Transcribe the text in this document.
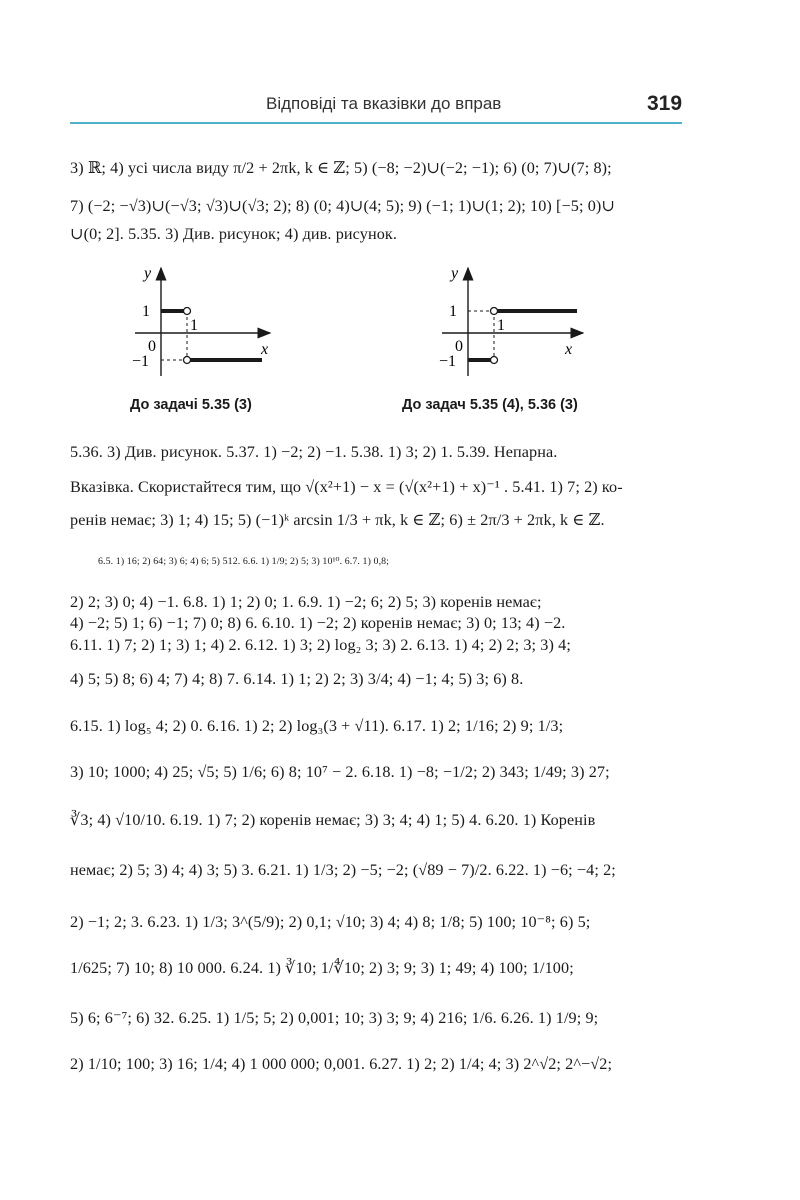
Відповіді та вказівки до вправ	319
3) ℝ; 4) усі числа виду π/2 + 2πk, k ∈ ℤ; 5) (−8; −2)∪(−2; −1); 6) (0; 7)∪(7; 8);
7) (−2; −√3)∪(−√3; √3)∪(√3; 2); 8) (0; 4)∪(4; 5); 9) (−1; 1)∪(1; 2); 10) [−5; 0)∪
∪(0; 2]. 5.35. 3) Див. рисунок; 4) див. рисунок.
y
x
1
1
0
−1
До задачі 5.35 (3)
y
x
1
1
0
−1
До задач 5.35 (4), 5.36 (3)
5.36. 3) Див. рисунок. 5.37. 1) −2; 2) −1. 5.38. 1) 3; 2) 1. 5.39. Непарна.
Вказівка. Скористайтеся тим, що √(x²+1) − x = (√(x²+1) + x)⁻¹ . 5.41. 1) 7; 2) ко-
ренів немає; 3) 1; 4) 15; 5) (−1)ᵏ arcsin 1/3 + πk, k ∈ ℤ; 6) ± 2π/3 + 2πk, k ∈ ℤ.
6.5. 1) 16; 2) 64; 3) 6; 4) 6; 5) 512. 6.6. 1) 1/9; 2) 5; 3) 10¹⁰. 6.7. 1) 0,8;
2) 2; 3) 0; 4) −1. 6.8. 1) 1; 2) 0; 1. 6.9. 1) −2; 6; 2) 5; 3) коренів немає;
4) −2; 5) 1; 6) −1; 7) 0; 8) 6. 6.10. 1) −2; 2) коренів немає; 3) 0; 13; 4) −2.
6.11. 1) 7; 2) 1; 3) 1; 4) 2. 6.12. 1) 3; 2) log₂ 3; 3) 2. 6.13. 1) 4; 2) 2; 3; 3) 4;
4) 5; 5) 8; 6) 4; 7) 4; 8) 7. 6.14. 1) 1; 2) 2; 3) 3/4; 4) −1; 4; 5) 3; 6) 8.
6.15. 1) log₅ 4; 2) 0. 6.16. 1) 2; 2) log₃(3 + √11). 6.17. 1) 2; 1/16; 2) 9; 1/3;
3) 10; 1000; 4) 25; √5; 5) 1/6; 6) 8; 10⁷ − 2. 6.18. 1) −8; −1/2; 2) 343; 1/49; 3) 27;
∛3; 4) √10/10. 6.19. 1) 7; 2) коренів немає; 3) 3; 4; 4) 1; 5) 4. 6.20. 1) Коренів
немає; 2) 5; 3) 4; 4) 3; 5) 3. 6.21. 1) 1/3; 2) −5; −2; (√89 − 7)/2. 6.22. 1) −6; −4; 2;
2) −1; 2; 3. 6.23. 1) 1/3; 3^(5/9); 2) 0,1; √10; 3) 4; 4) 8; 1/8; 5) 100; 10⁻⁸; 6) 5;
1/625; 7) 10; 8) 10 000. 6.24. 1) ∛10; 1/∜10; 2) 3; 9; 3) 1; 49; 4) 100; 1/100;
5) 6; 6⁻⁷; 6) 32. 6.25. 1) 1/5; 5; 2) 0,001; 10; 3) 3; 9; 4) 216; 1/6. 6.26. 1) 1/9; 9;
2) 1/10; 100; 3) 16; 1/4; 4) 1 000 000; 0,001. 6.27. 1) 2; 2) 1/4; 4; 3) 2^√2; 2^−√2;
